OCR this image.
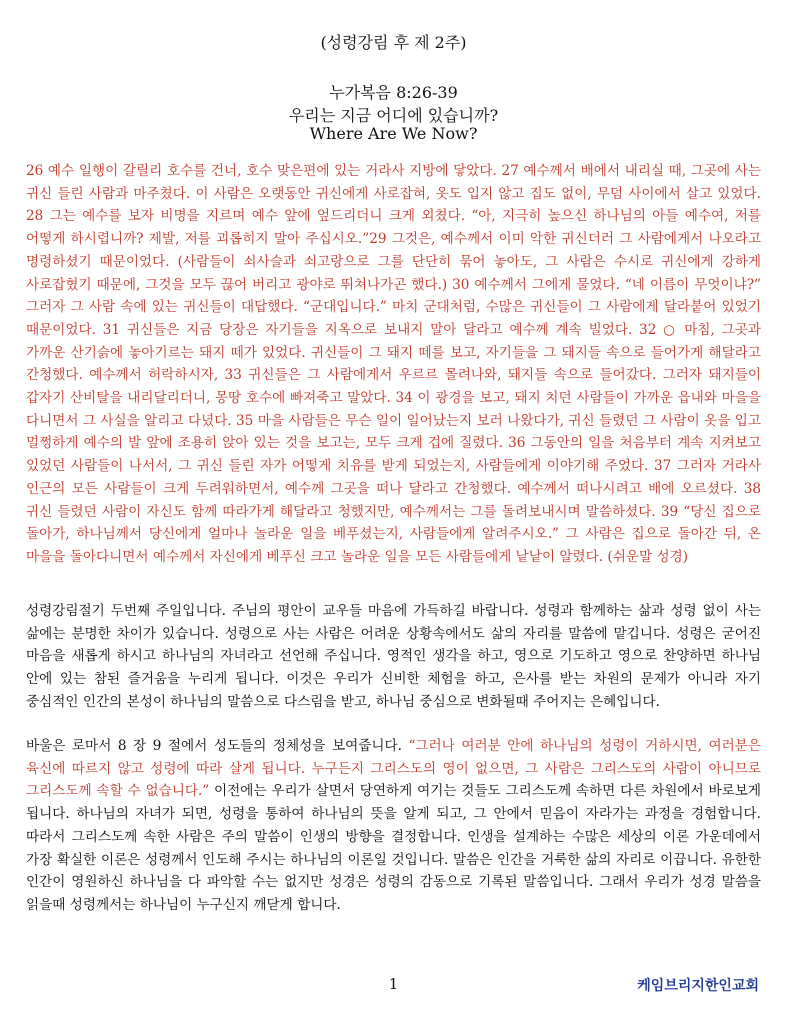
(성령강림 후 제 2주)
누가복음 8:26-39
우리는 지금 어디에 있습니까?
Where Are We Now?

26 예수 일행이 갈릴리 호수를 건너, 호수 맞은편에 있는 거라사 지방에 닿았다. 27 예수께서 배에서 내리실 때, 그곳에 사는 귀신 들린 사람과 마주쳤다. 이 사람은 오랫동안 귀신에게 사로잡혀, 옷도 입지 않고 집도 없이, 무덤 사이에서 살고 있었다. 28 그는 예수를 보자 비명을 지르며 예수 앞에 엎드리더니 크게 외쳤다. “아, 지극히 높으신 하나님의 아들 예수여, 저를 어떻게 하시렵니까? 제발, 저를 괴롭히지 말아 주십시오.”29 그것은, 예수께서 이미 악한 귀신더러 그 사람에게서 나오라고 명령하셨기 때문이었다. (사람들이 쇠사슬과 쇠고랑으로 그를 단단히 묶어 놓아도, 그 사람은 수시로 귀신에게 강하게 사로잡혔기 때문에, 그것을 모두 끊어 버리고 광야로 뛰쳐나가곤 했다.) 30 예수께서 그에게 물었다. “네 이름이 무엇이냐?” 그러자 그 사람 속에 있는 귀신들이 대답했다. “군대입니다.” 마치 군대처럼, 수많은 귀신들이 그 사람에게 달라붙어 있었기 때문이었다. 31 귀신들은 지금 당장은 자기들을 지옥으로 보내지 말아 달라고 예수께 계속 빌었다. 32 ○ 마침, 그곳과 가까운 산기슭에 놓아기르는 돼지 떼가 있었다. 귀신들이 그 돼지 떼를 보고, 자기들을 그 돼지들 속으로 들어가게 해달라고 간청했다. 예수께서 허락하시자, 33 귀신들은 그 사람에게서 우르르 몰려나와, 돼지들 속으로 들어갔다. 그러자 돼지들이 갑자기 산비탈을 내리달리더니, 몽땅 호수에 빠져죽고 말았다. 34 이 광경을 보고, 돼지 치던 사람들이 가까운 읍내와 마을을 다니면서 그 사실을 알리고 다녔다. 35 마을 사람들은 무슨 일이 일어났는지 보러 나왔다가, 귀신 들렸던 그 사람이 옷을 입고 멀쩡하게 예수의 발 앞에 조용히 앉아 있는 것을 보고는, 모두 크게 겁에 질렸다. 36 그동안의 일을 처음부터 계속 지켜보고 있었던 사람들이 나서서, 그 귀신 들린 자가 어떻게 치유를 받게 되었는지, 사람들에게 이야기해 주었다. 37 그러자 거라사 인근의 모든 사람들이 크게 두려워하면서, 예수께 그곳을 떠나 달라고 간청했다. 예수께서 떠나시려고 배에 오르셨다. 38 귀신 들렸던 사람이 자신도 함께 따라가게 해달라고 청했지만, 예수께서는 그를 돌려보내시며 말씀하셨다. 39 “당신 집으로 돌아가, 하나님께서 당신에게 얼마나 놀라운 일을 베푸셨는지, 사람들에게 알려주시오.” 그 사람은 집으로 돌아간 뒤, 온 마을을 돌아다니면서 예수께서 자신에게 베푸신 크고 놀라운 일을 모든 사람들에게 낱낱이 알렸다. (쉬운말 성경)

성령강림절기 두번째 주일입니다. 주님의 평안이 교우들 마음에 가득하길 바랍니다. 성령과 함께하는 삶과 성령 없이 사는 삶에는 분명한 차이가 있습니다. 성령으로 사는 사람은 어려운 상황속에서도 삶의 자리를 말씀에 맡깁니다. 성령은 굳어진 마음을 새롭게 하시고 하나님의 자녀라고 선언해 주십니다. 영적인 생각을 하고, 영으로 기도하고 영으로 찬양하면 하나님 안에 있는 참된 즐거움을 누리게 됩니다. 이것은 우리가 신비한 체험을 하고, 은사를 받는 차원의 문제가 아니라 자기 중심적인 인간의 본성이 하나님의 말씀으로 다스림을 받고, 하나님 중심으로 변화될때 주어지는 은혜입니다.

바울은 로마서 8 장 9 절에서 성도들의 정체성을 보여줍니다. “그러나 여러분 안에 하나님의 성령이 거하시면, 여러분은 육신에 따르지 않고 성령에 따라 살게 됩니다. 누구든지 그리스도의 영이 없으면, 그 사람은 그리스도의 사람이 아니므로 그리스도께 속할 수 없습니다.” 이전에는 우리가 살면서 당연하게 여기는 것들도 그리스도께 속하면 다른 차원에서 바로보게 됩니다. 하나님의 자녀가 되면, 성령을 통하여 하나님의 뜻을 알게 되고, 그 안에서 믿음이 자라가는 과정을 경험합니다. 따라서 그리스도께 속한 사람은 주의 말씀이 인생의 방향을 결정합니다. 인생을 설계하는 수많은 세상의 이론 가운데에서 가장 확실한 이론은 성령께서 인도해 주시는 하나님의 이론일 것입니다. 말씀은 인간을 거룩한 삶의 자리로 이끕니다. 유한한 인간이 영원하신 하나님을 다 파악할 수는 없지만 성경은 성령의 감동으로 기록된 말씀입니다. 그래서 우리가 성경 말씀을 읽을때 성령께서는 하나님이 누구신지 깨닫게 합니다.

1	케임브리지한인교회
